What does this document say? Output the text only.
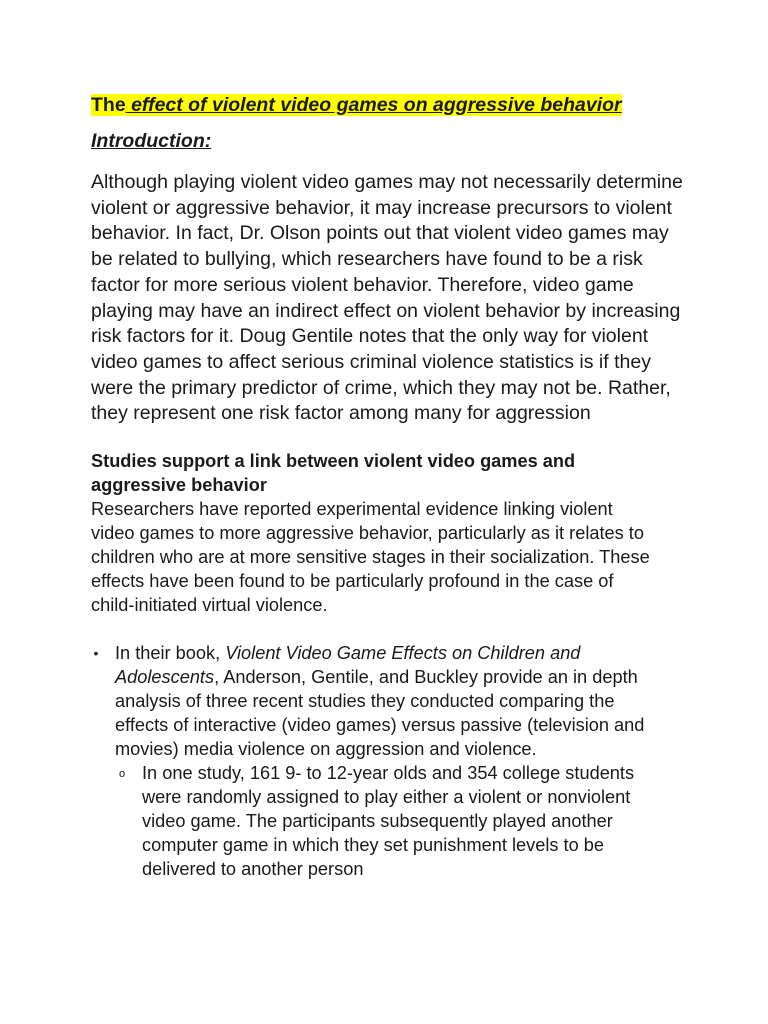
The effect of violent video games on aggressive behavior
Introduction:

Although playing violent video games may not necessarily determine violent or aggressive behavior, it may increase precursors to violent behavior. In fact, Dr. Olson points out that violent video games may be related to bullying, which researchers have found to be a risk factor for more serious violent behavior. Therefore, video game playing may have an indirect effect on violent behavior by increasing risk factors for it. Doug Gentile notes that the only way for violent video games to affect serious criminal violence statistics is if they were the primary predictor of crime, which they may not be. Rather, they represent one risk factor among many for aggression

Studies support a link between violent video games and aggressive behavior

Researchers have reported experimental evidence linking violent video games to more aggressive behavior, particularly as it relates to children who are at more sensitive stages in their socialization. These effects have been found to be particularly profound in the case of child-initiated virtual violence.

• In their book, Violent Video Game Effects on Children and Adolescents, Anderson, Gentile, and Buckley provide an in depth analysis of three recent studies they conducted comparing the effects of interactive (video games) versus passive (television and movies) media violence on aggression and violence.
o In one study, 161 9- to 12-year olds and 354 college students were randomly assigned to play either a violent or nonviolent video game. The participants subsequently played another computer game in which they set punishment levels to be delivered to another person
